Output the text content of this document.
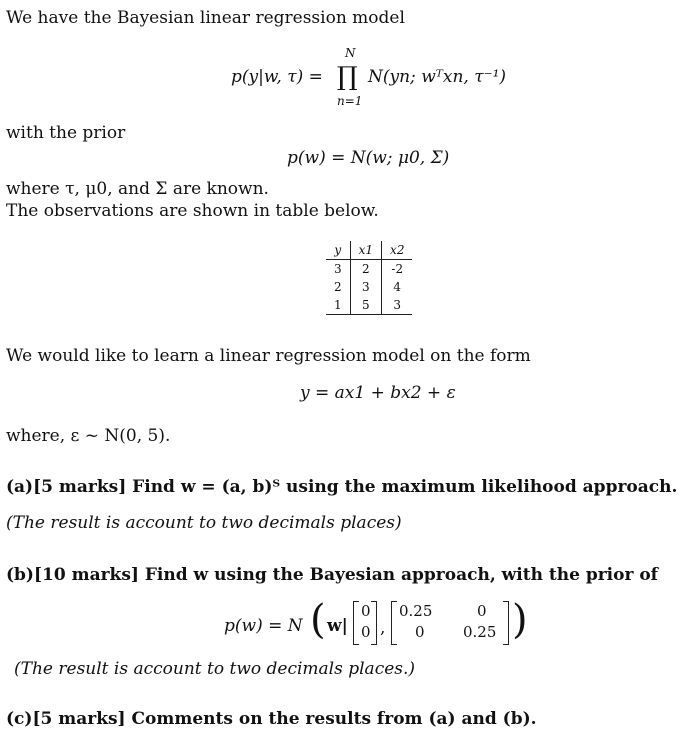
We have the Bayesian linear regression model
p(y|w, τ) =
N
∏
n=1
N(yn; wᵀxn, τ⁻¹)
with the prior
p(w) = N(w; μ0, Σ)
where τ, μ0, and Σ are known.
The observations are shown in table below.
y	x1	x2
3	2	-2
2	3	4
1	5	3
We would like to learn a linear regression model on the form
y = ax1 + bx2 + ε
where, ε ~ N(0, 5).
(a)[5 marks] Find w = (a, b)ᵀ using the maximum likelihood approach.
(The result is account to two decimals places)
(b)[10 marks] Find w using the Bayesian approach, with the prior of
p(w) = N ( w|
0
0 ,
0.25	0
0	0.25 )
(The result is account to two decimals places.)
(c)[5 marks] Comments on the results from (a) and (b).
